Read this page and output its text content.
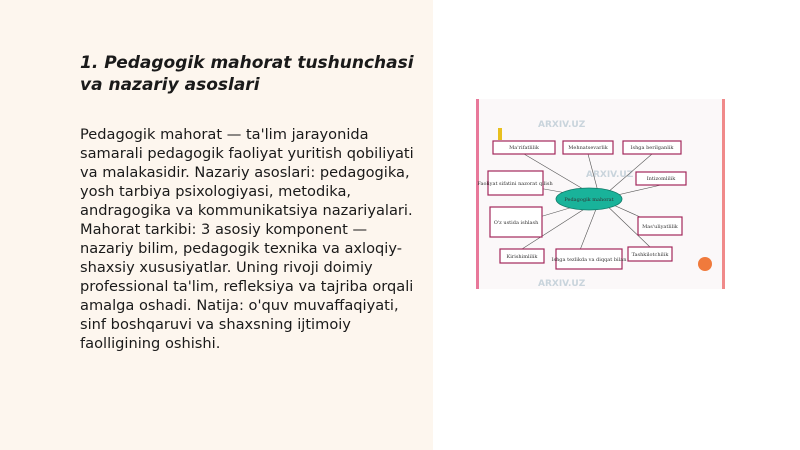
1. Pedagogik mahorat tushunchasi va nazariy asoslari

Pedagogik mahorat — ta'lim jarayonida samarali pedagogik faoliyat yuritish qobiliyati va malakasidir. Nazariy asoslari: pedagogika, yosh tarbiya psixologiyasi, metodika, andragogika va kommunikatsiya nazariyalari. Mahorat tarkibi: 3 asosiy komponent — nazariy bilim, pedagogik texnika va axloqiy-shaxsiy xususiyatlar. Uning rivoji doimiy professional ta'lim, refleksiya va tajriba orqali amalga oshadi. Natija: o'quv muvaffaqiyati, sinf boshqaruvi va shaxsning ijtimoiy faolligining oshishi.

ARXIV.UZ
ARXIV.UZ
ARXIV.UZ
Pedagogik mahorat
Ma'rifatlilik	Mehnatsevarlik	Ishga berilganlik
Faoliyat sifatini nazorat qilish
Intizomlilik
O'z ustida ishlash
Mas'uliyatlilik
Kirishimlilik	Ishga tezlikda va diqqat bilan
Tashkilotchilik
